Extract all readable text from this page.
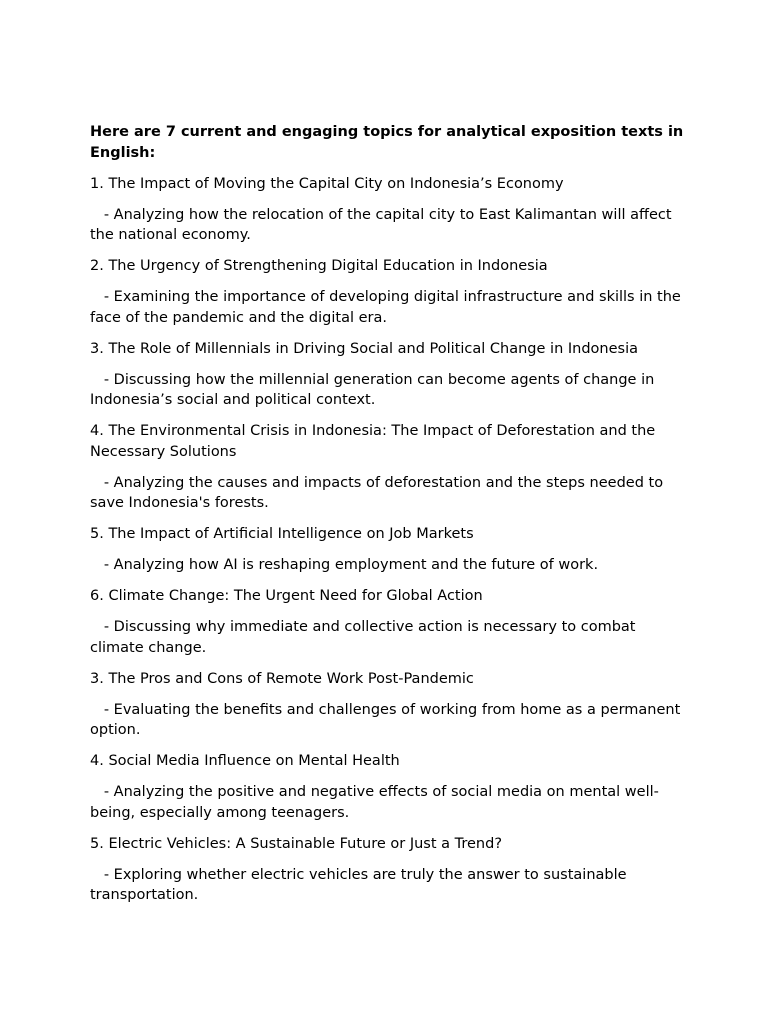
Here are 7 current and engaging topics for analytical exposition texts in English:

1. The Impact of Moving the Capital City on Indonesia’s Economy

- Analyzing how the relocation of the capital city to East Kalimantan will affect the national economy.

2. The Urgency of Strengthening Digital Education in Indonesia

- Examining the importance of developing digital infrastructure and skills in the face of the pandemic and the digital era.

3. The Role of Millennials in Driving Social and Political Change in Indonesia

- Discussing how the millennial generation can become agents of change in Indonesia’s social and political context.

4. The Environmental Crisis in Indonesia: The Impact of Deforestation and the Necessary Solutions

- Analyzing the causes and impacts of deforestation and the steps needed to save Indonesia's forests.

5. The Impact of Artificial Intelligence on Job Markets

- Analyzing how AI is reshaping employment and the future of work.

6. Climate Change: The Urgent Need for Global Action

- Discussing why immediate and collective action is necessary to combat climate change.

3. The Pros and Cons of Remote Work Post-Pandemic

- Evaluating the benefits and challenges of working from home as a permanent option.

4. Social Media Influence on Mental Health

- Analyzing the positive and negative effects of social media on mental well-being, especially among teenagers.

5. Electric Vehicles: A Sustainable Future or Just a Trend?

- Exploring whether electric vehicles are truly the answer to sustainable transportation.
